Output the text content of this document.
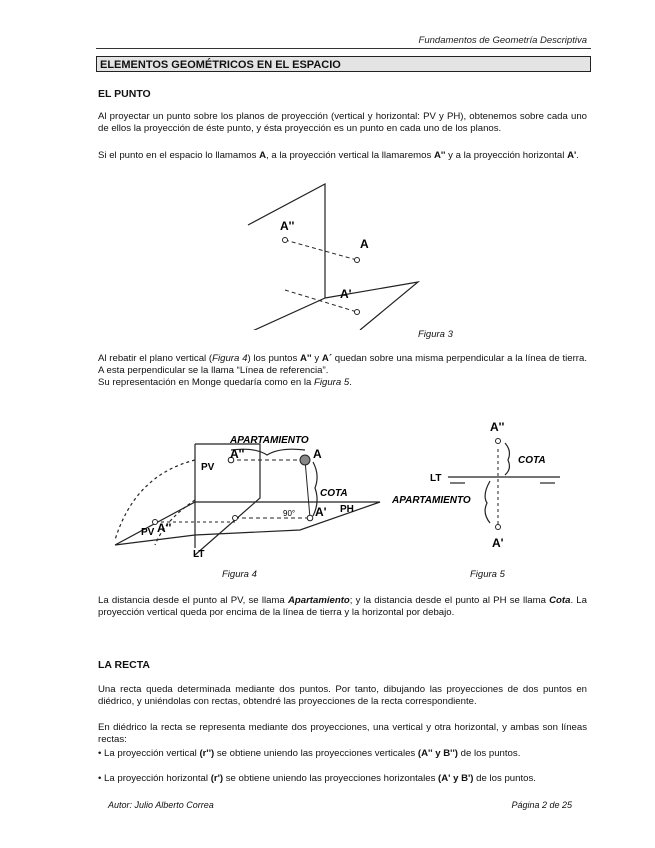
Fundamentos de Geometría Descriptiva
ELEMENTOS GEOMÉTRICOS EN EL ESPACIO
EL PUNTO
Al proyectar un punto sobre los planos de proyección (vertical y horizontal: PV y PH), obtenemos sobre cada uno de ellos la proyección de éste punto, y ésta proyección es un punto en cada uno de los planos.
Si el punto en el espacio lo llamamos A, a la proyección vertical la llamaremos A'' y a la proyección horizontal A'.
A''
A
A'
Figura 3
Al rebatir el plano vertical (Figura 4) los puntos A'' y A´ quedan sobre una misma perpendicular a la línea de tierra. A esta perpendicular se la llama “Línea de referencia”.
Su representación en Monge quedaría como en la Figura 5.
APARTAMIENTO
A''	A
COTA
PV
PH
PV
LT
90°
A''
A'
Figura 4
A''
COTA
LT
APARTAMIENTO
A'
Figura 5
La distancia desde el punto al PV, se llama Apartamiento; y la distancia desde el punto al PH se llama Cota. La proyección vertical queda por encima de la línea de tierra y la horizontal por debajo.
LA RECTA
Una recta queda determinada mediante dos puntos. Por tanto, dibujando las proyecciones de dos puntos en diédrico, y uniéndolas con rectas, obtendré las proyecciones de la recta correspondiente.
En diédrico la recta se representa mediante dos proyecciones, una vertical y otra horizontal, y ambas son líneas rectas:
• La proyección vertical (r'') se obtiene uniendo las proyecciones verticales (A'' y B'') de los puntos.
• La proyección horizontal (r') se obtiene uniendo las proyecciones horizontales (A' y B') de los puntos.
Autor: Julio Alberto Correa	Página 2 de 25
